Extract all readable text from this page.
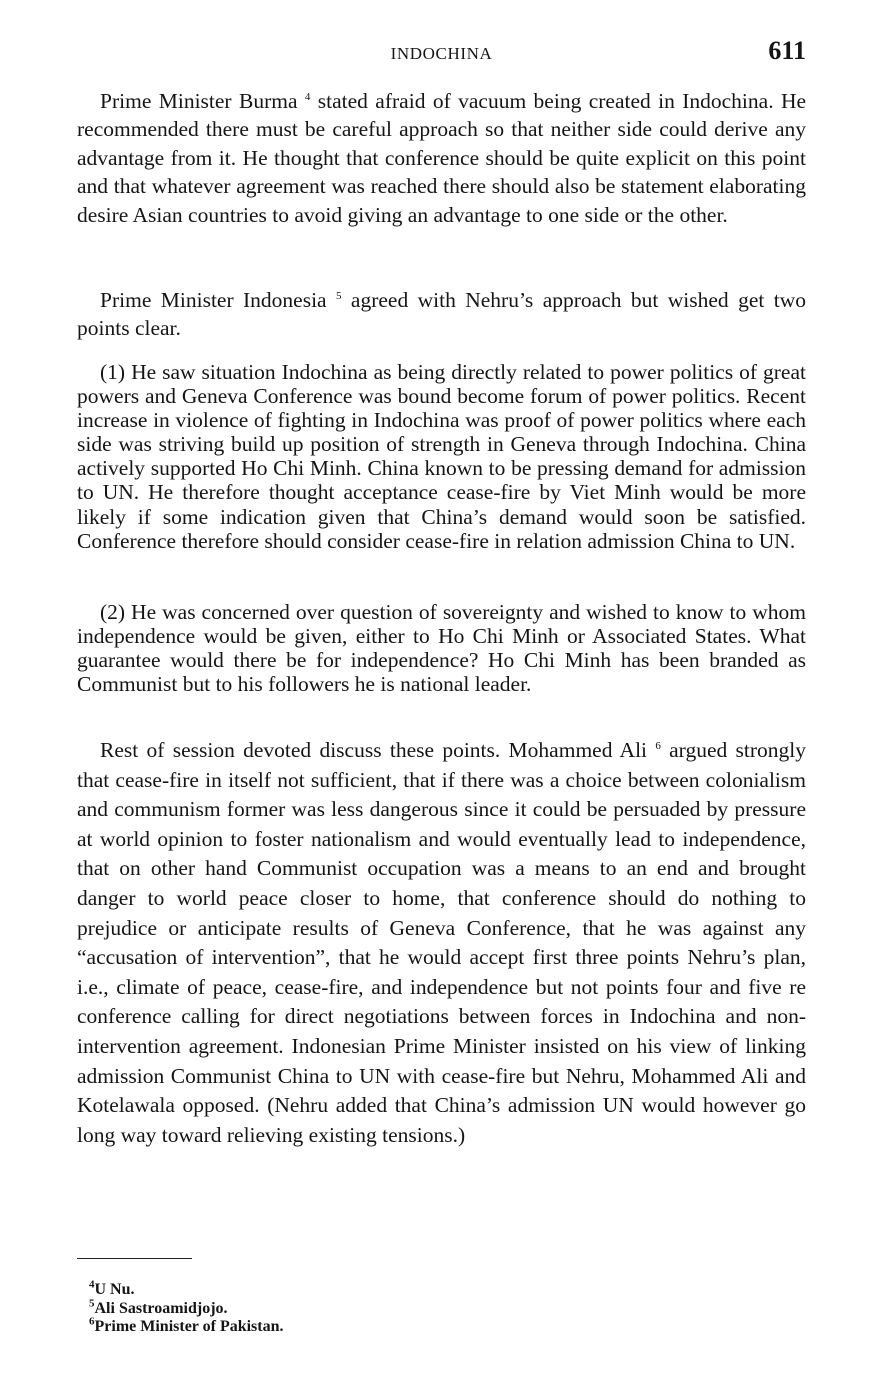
INDOCHINA	611

Prime Minister Burma $^4$ stated afraid of vacuum being created in Indochina. He recommended there must be careful approach so that neither side could derive any advantage from it. He thought that conference should be quite explicit on this point and that whatever agreement was reached there should also be statement elaborating desire Asian countries to avoid giving an advantage to one side or the other.

Prime Minister Indonesia $^5$ agreed with Nehru’s approach but wished get two points clear.

(1) He saw situation Indochina as being directly related to power politics of great powers and Geneva Conference was bound become forum of power politics. Recent increase in violence of fighting in Indochina was proof of power politics where each side was striving build up position of strength in Geneva through Indochina. China actively supported Ho Chi Minh. China known to be pressing demand for admission to UN. He therefore thought acceptance cease-fire by Viet Minh would be more likely if some indication given that China’s demand would soon be satisfied. Conference therefore should consider cease-fire in relation admission China to UN.

(2) He was concerned over question of sovereignty and wished to know to whom independence would be given, either to Ho Chi Minh or Associated States. What guarantee would there be for independence? Ho Chi Minh has been branded as Communist but to his followers he is national leader.

Rest of session devoted discuss these points. Mohammed Ali $^6$ argued strongly that cease-fire in itself not sufficient, that if there was a choice between colonialism and communism former was less dangerous since it could be persuaded by pressure at world opinion to foster nationalism and would eventually lead to independence, that on other hand Communist occupation was a means to an end and brought danger to world peace closer to home, that conference should do nothing to prejudice or anticipate results of Geneva Conference, that he was against any “accusation of intervention”, that he would accept first three points Nehru’s plan, i.e., climate of peace, cease-fire, and independence but not points four and five re conference calling for direct negotiations between forces in Indochina and non-intervention agreement. Indonesian Prime Minister insisted on his view of linking admission Communist China to UN with cease-fire but Nehru, Mohammed Ali and Kotelawala opposed. (Nehru added that China’s admission UN would however go long way toward relieving existing tensions.)

$^4$U Nu.
$^5$Ali Sastroamidjojo.
$^6$Prime Minister of Pakistan.
